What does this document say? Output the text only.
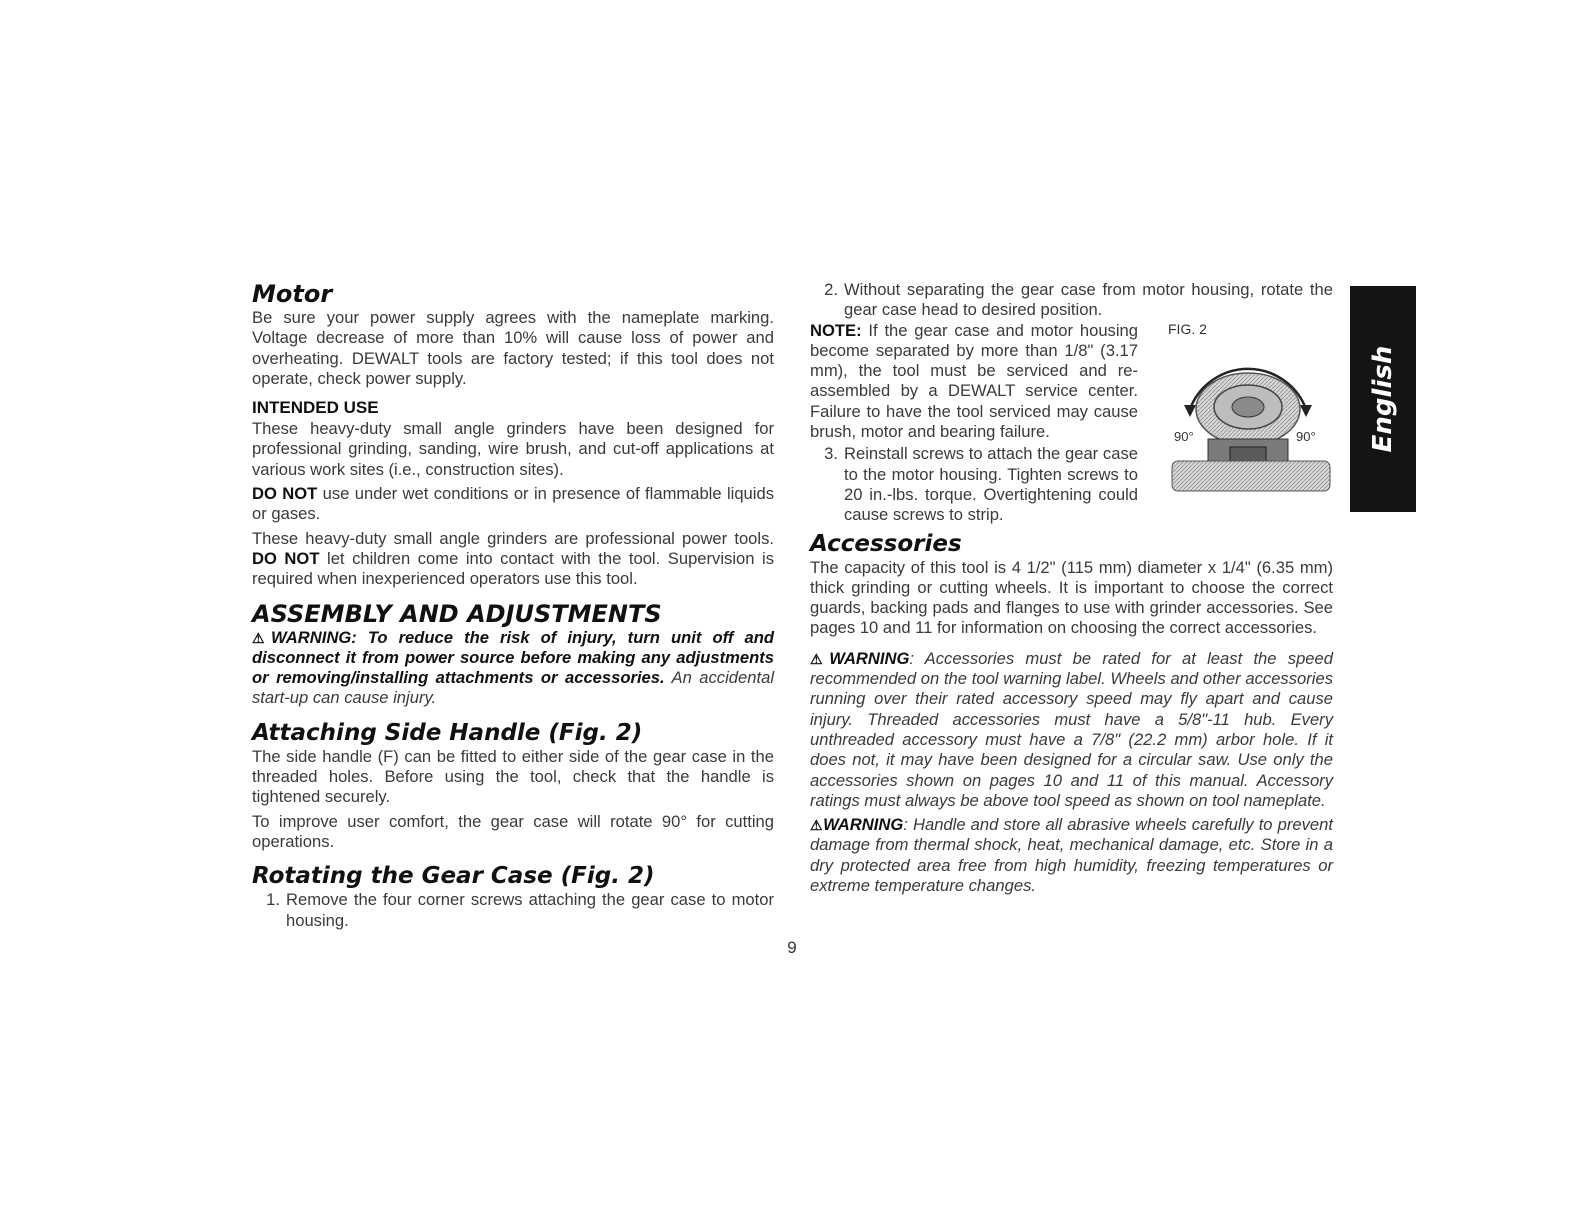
Motor

Be sure your power supply agrees with the nameplate marking. Voltage decrease of more than 10% will cause loss of power and overheating. DEWALT tools are factory tested; if this tool does not operate, check power supply.

INTENDED USE

These heavy-duty small angle grinders have been designed for professional grinding, sanding, wire brush, and cut-off applications at various work sites (i.e., construction sites).

DO NOT use under wet conditions or in presence of flammable liquids or gases.

These heavy-duty small angle grinders are professional power tools. DO NOT let children come into contact with the tool. Supervision is required when inexperienced operators use this tool.

ASSEMBLY AND ADJUSTMENTS

⚠WARNING: To reduce the risk of injury, turn unit off and disconnect it from power source before making any adjustments or removing/installing attachments or accessories. An accidental start-up can cause injury.

Attaching Side Handle (Fig. 2)

The side handle (F) can be fitted to either side of the gear case in the threaded holes. Before using the tool, check that the handle is tightened securely.

To improve user comfort, the gear case will rotate 90° for cutting operations.

Rotating the Gear Case (Fig. 2)
1. Remove the four corner screws attaching the gear case to motor housing.
2. Without separating the gear case from motor housing, rotate the gear case head to desired position.

NOTE: If the gear case and motor housing become separated by more than 1/8" (3.17 mm), the tool must be serviced and re-assembled by a DEWALT service center. Failure to have the tool serviced may cause brush, motor and bearing failure.

3. Reinstall screws to attach the gear case to the motor housing. Tighten screws to 20 in.-lbs. torque. Overtightening could cause screws to strip.
FIG. 2
90°	90°
Accessories

The capacity of this tool is 4 1/2" (115 mm) diameter x 1/4" (6.35 mm) thick grinding or cutting wheels. It is important to choose the correct guards, backing pads and flanges to use with grinder accessories. See pages 10 and 11 for information on choosing the correct accessories.

⚠WARNING: Accessories must be rated for at least the speed recommended on the tool warning label. Wheels and other accessories running over their rated accessory speed may fly apart and cause injury. Threaded accessories must have a 5/8"-11 hub. Every unthreaded accessory must have a 7/8" (22.2 mm) arbor hole. If it does not, it may have been designed for a circular saw. Use only the accessories shown on pages 10 and 11 of this manual. Accessory ratings must always be above tool speed as shown on tool nameplate.

⚠WARNING: Handle and store all abrasive wheels carefully to prevent damage from thermal shock, heat, mechanical damage, etc. Store in a dry protected area free from high humidity, freezing temperatures or extreme temperature changes.

English
9
